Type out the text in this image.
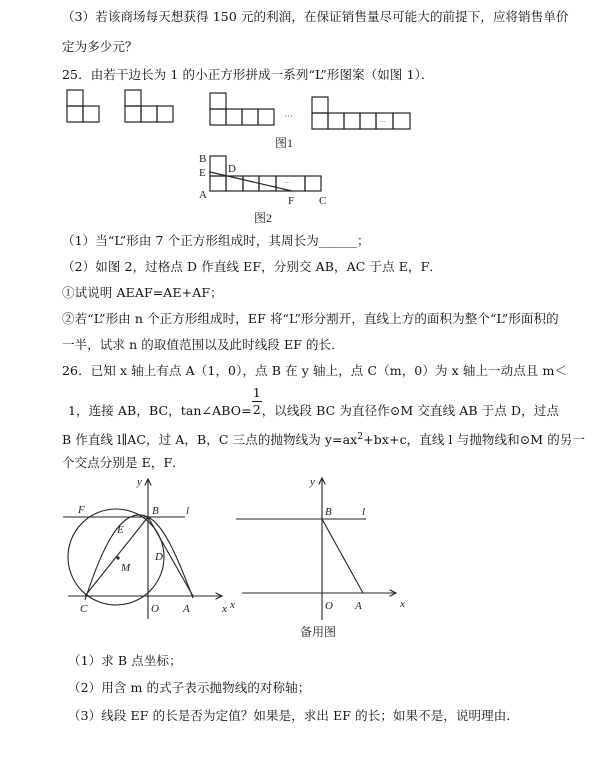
（3）若该商场每天想获得 150 元的利润，在保证销售量尽可能大的前提下，应将销售单价
定为多少元？
25．由若干边长为 1 的小正方形拼成一系列“L”形图案（如图 1）．
···
···
图1
···
B
E
A
D
F C
图2
（1）当“L”形由 7 个正方形组成时，其周长为______；
（2）如图 2，过格点 D 作直线 EF，分别交 AB，AC 于点 E，F．
①试说明 AEAF=AE+AF；
②若“L”形由 n 个正方形组成时，EF 将“L”形分割开，直线上方的面积为整个“L”形面积的
一半，试求 n 的取值范围以及此时线段 EF 的长．
26．已知 x 轴上有点 A（1，0），点 B 在 y 轴上，点 C（m，0）为 x 轴上一动点且 m＜
1，连接 AB，BC，tan∠ABO= $\frac{1}{2}$ ，以线段 BC 为直径作⊙M 交直线 AB 于点 D，过点
B 作直线 l∥AC，过 A，B，C 三点的抛物线为 $y=ax^2+bx+c$，直线 l 与抛物线和⊙M 的另一
个交点分别是 E，F．
y
x
F	B l
E
M
D
C	O A
y
x
x
B	l
O A
备用图
（1）求 B 点坐标；
（2）用含 m 的式子表示抛物线的对称轴；
（3）线段 EF 的长是否为定值？如果是，求出 EF 的长；如果不是，说明理由．
